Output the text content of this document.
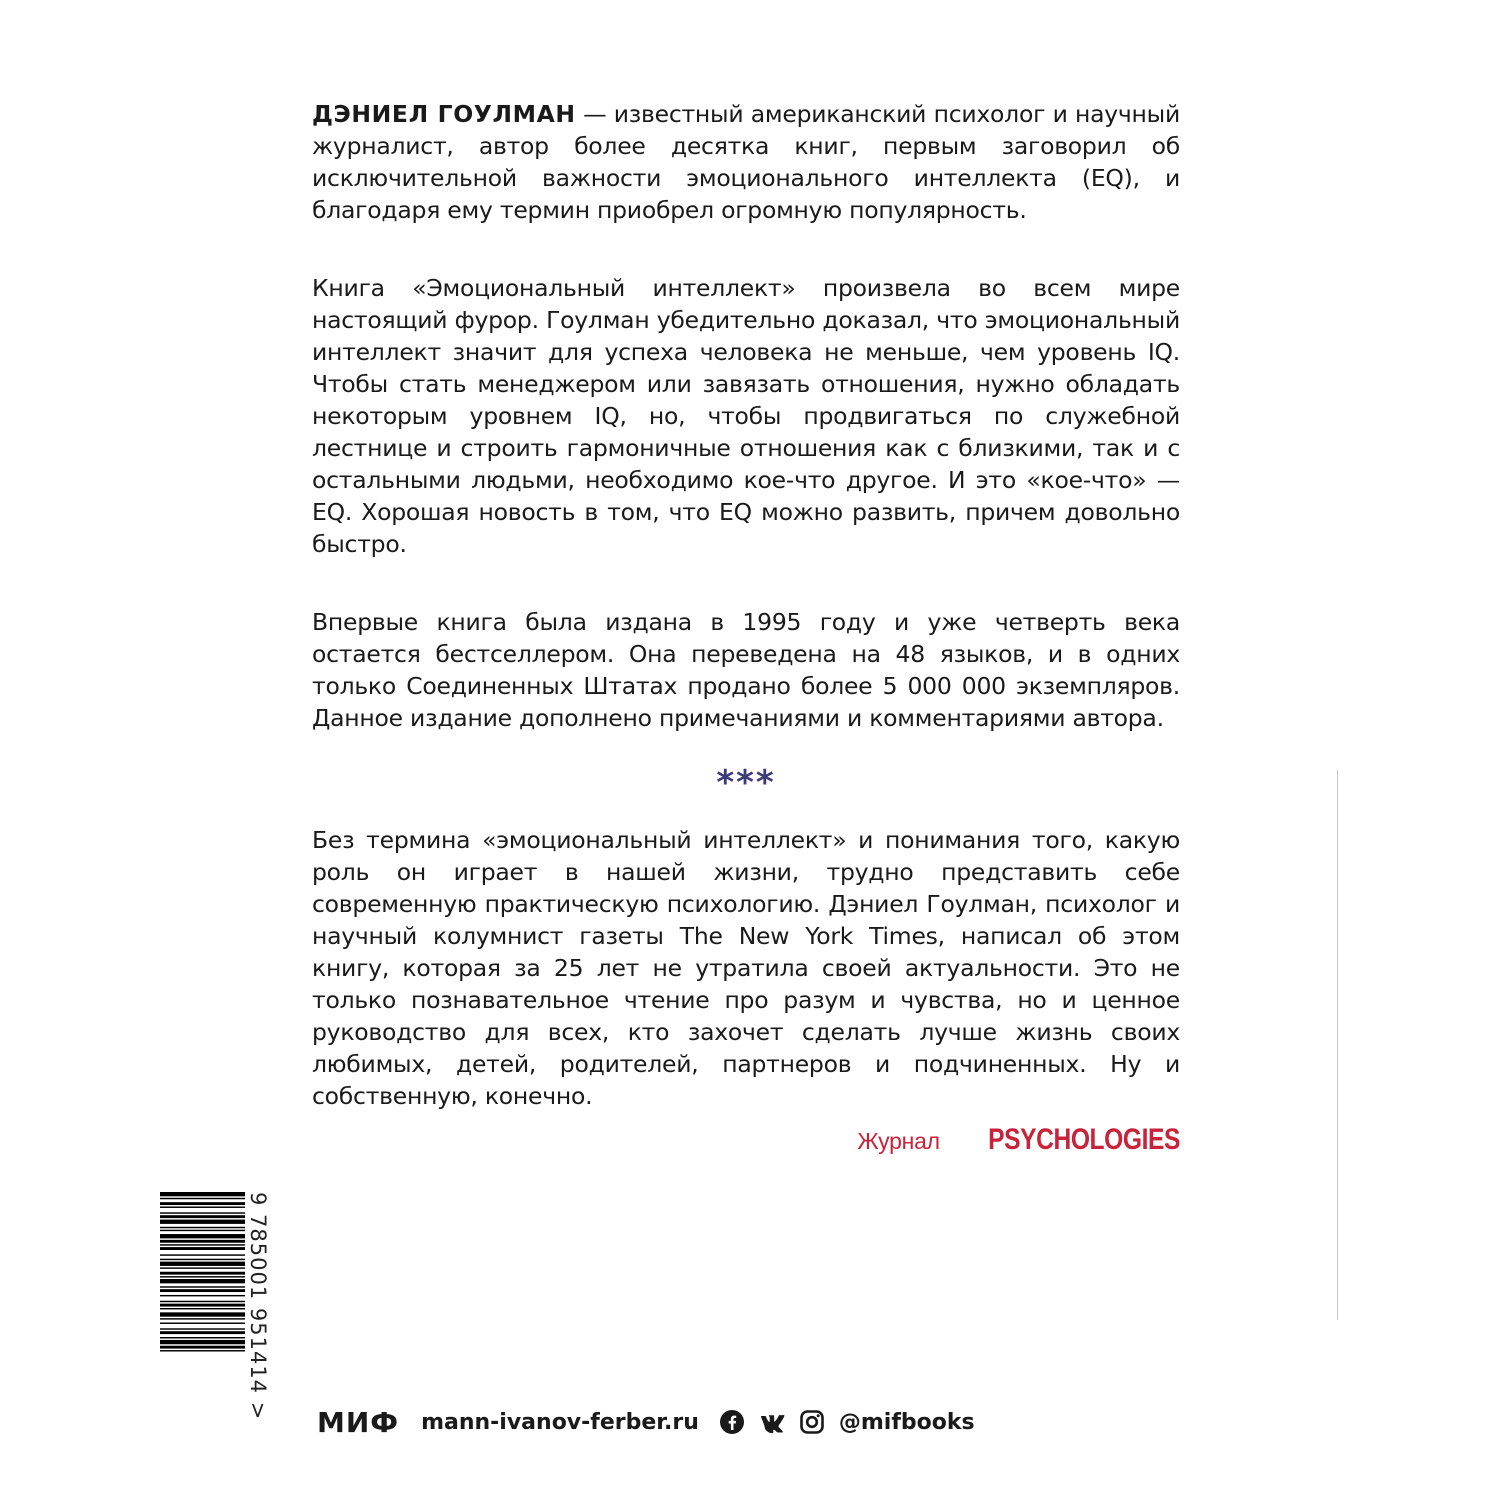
ДЭНИЕЛ ГОУЛМАН — известный американский психолог и научный журналист, автор более десятка книг, первым заговорил об исключительной важности эмоционального интеллекта (EQ), и благодаря ему термин приобрел огромную популярность.

Книга «Эмоциональный интеллект» произвела во всем мире настоящий фурор. Гоулман убедительно доказал, что эмоциональный интеллект значит для успеха человека не меньше, чем уровень IQ. Чтобы стать менеджером или завязать отношения, нужно обладать некоторым уровнем IQ, но, чтобы продвигаться по служебной лестнице и строить гармоничные отношения как с близкими, так и с остальными людьми, необходимо кое-что другое. И это «кое-что» — EQ. Хорошая новость в том, что EQ можно развить, причем довольно быстро.

Впервые книга была издана в 1995 году и уже четверть века остается бестселлером. Она переведена на 48 языков, и в одних только Соединенных Штатах продано более 5 000 000 экземпляров. Данное издание дополнено примечаниями и комментариями автора.

***

Без термина «эмоциональный интеллект» и понимания того, какую роль он играет в нашей жизни, трудно представить себе современную практическую психологию. Дэниел Гоулман, психолог и научный колумнист газеты The New York Times, написал об этом книгу, которая за 25 лет не утратила своей актуальности. Это не только познавательное чтение про разум и чувства, но и ценное руководство для всех, кто захочет сделать лучше жизнь своих любимых, детей, родителей, партнеров и подчиненных. Ну и собственную, конечно.

Журнал PSYCHOLOGIES
9 785001 951414 >
МИФ mann-ivanov-ferber.ru	@mifbooks
